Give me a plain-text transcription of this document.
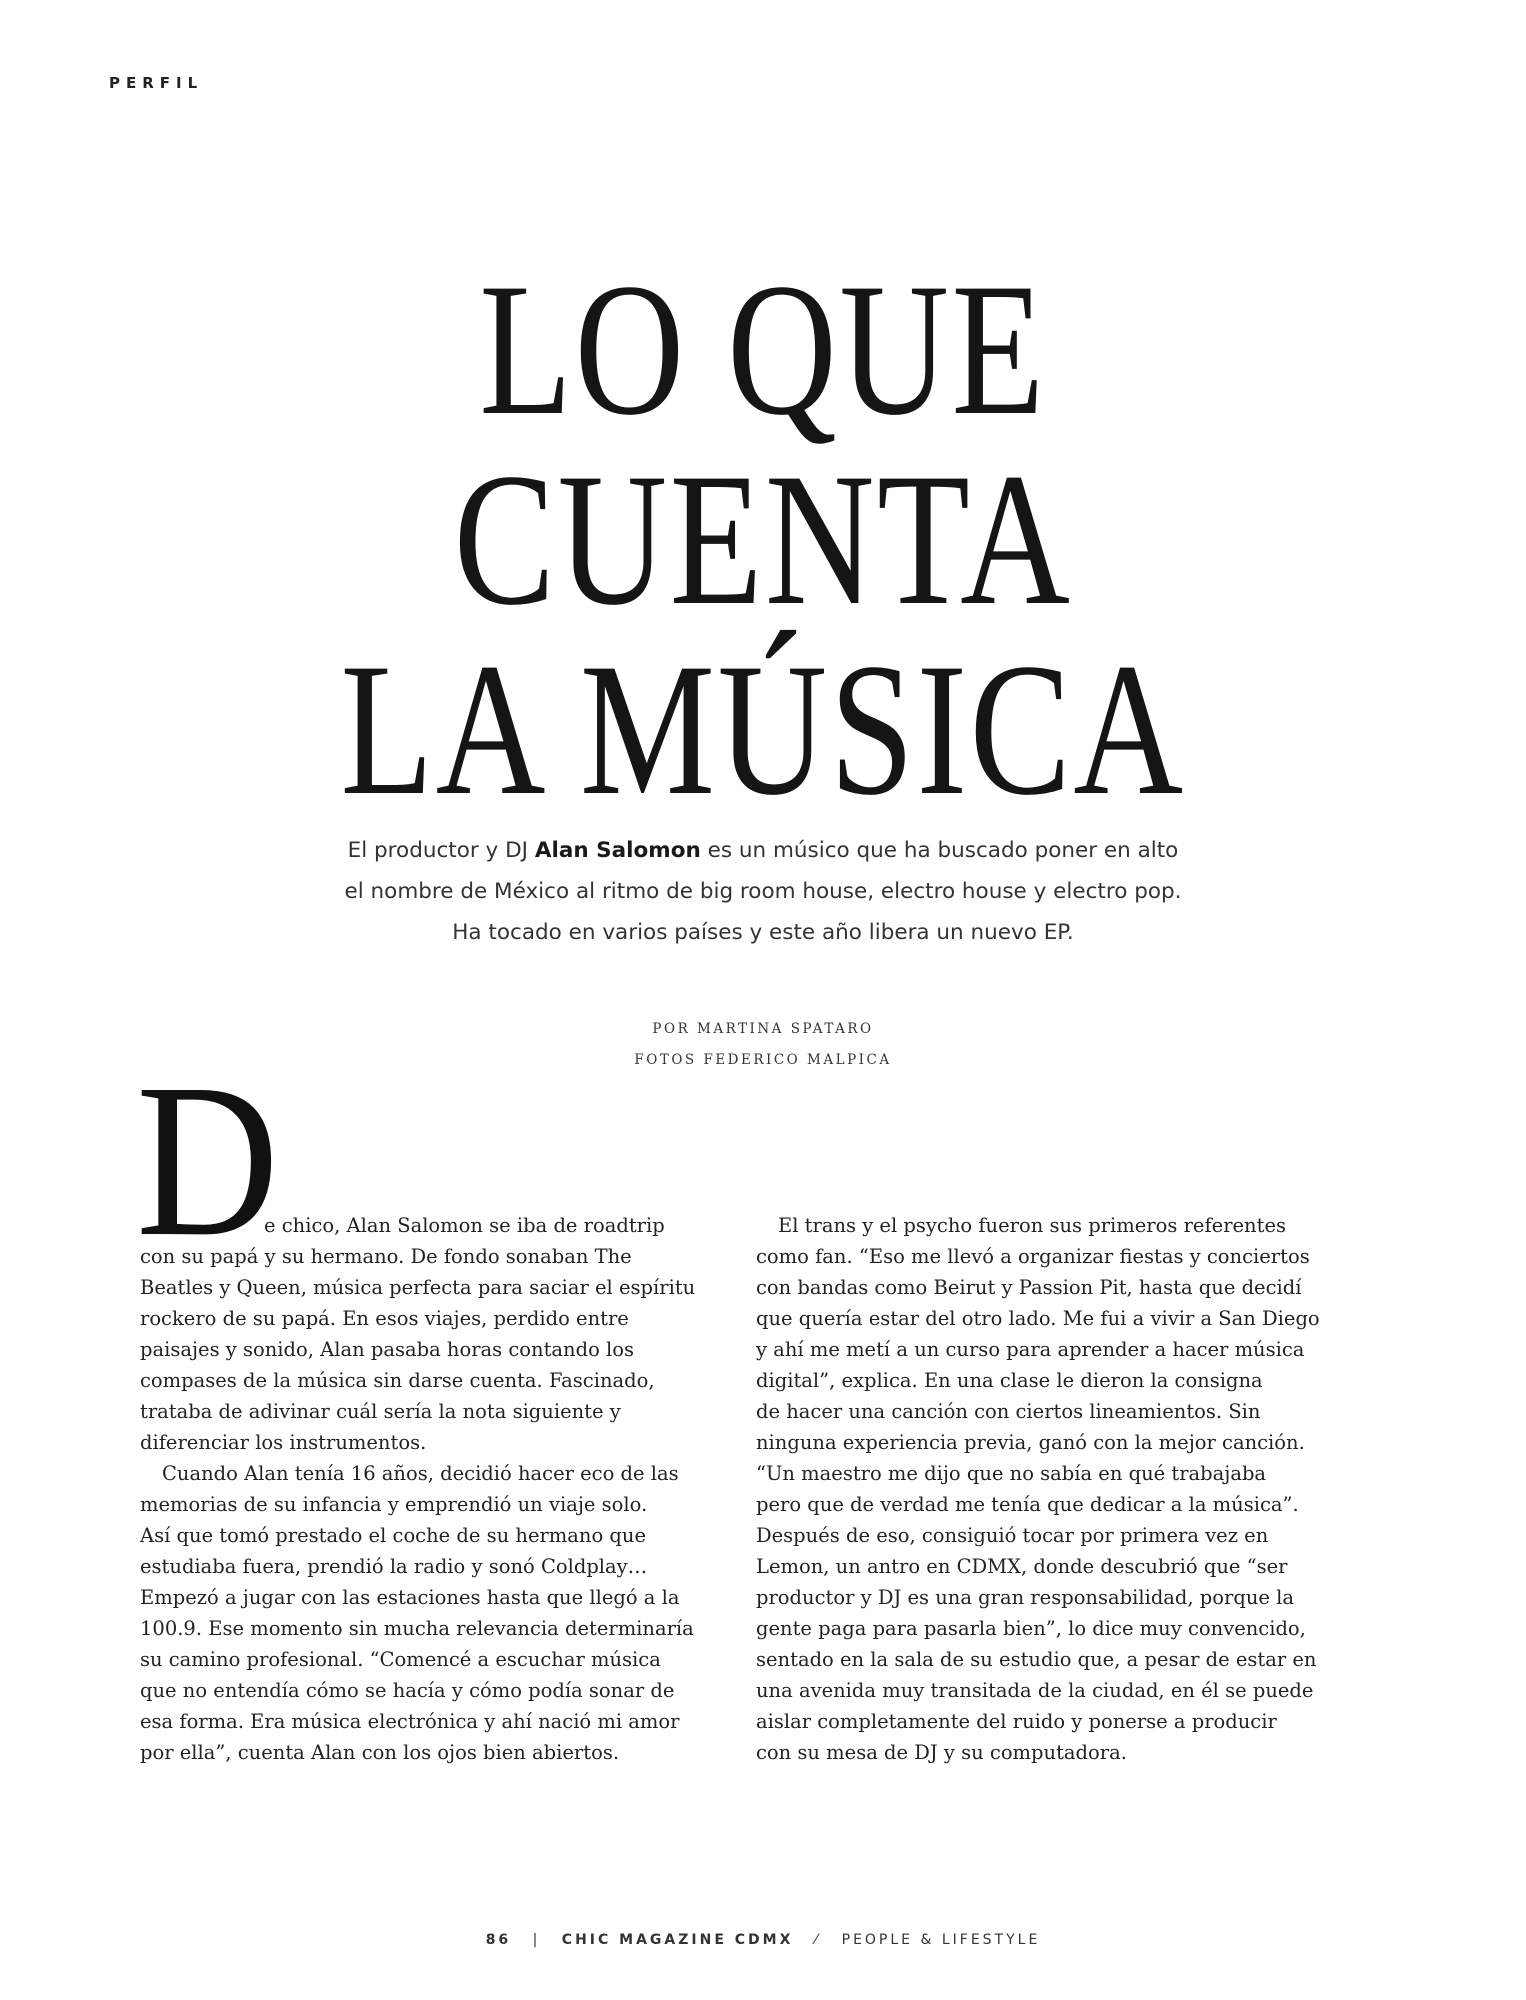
PERFIL
LO QUE
CUENTA
LA MÚSICA
El productor y DJ Alan Salomon es un músico que ha buscado poner en alto
el nombre de México al ritmo de big room house, electro house y electro pop.
Ha tocado en varios países y este año libera un nuevo EP.
POR MARTINA SPATARO
FOTOS FEDERICO MALPICA
D

e chico, Alan Salomon se iba de roadtrip

con su papá y su hermano. De fondo sonaban The
Beatles y Queen, música perfecta para saciar el espíritu
rockero de su papá. En esos viajes, perdido entre
paisajes y sonido, Alan pasaba horas contando los
compases de la música sin darse cuenta. Fascinado,
trataba de adivinar cuál sería la nota siguiente y
diferenciar los instrumentos.

Cuando Alan tenía 16 años, decidió hacer eco de las

memorias de su infancia y emprendió un viaje solo.
Así que tomó prestado el coche de su hermano que
estudiaba fuera, prendió la radio y sonó Coldplay…
Empezó a jugar con las estaciones hasta que llegó a la
100.9. Ese momento sin mucha relevancia determinaría
su camino profesional. “Comencé a escuchar música
que no entendía cómo se hacía y cómo podía sonar de
esa forma. Era música electrónica y ahí nació mi amor
por ella”, cuenta Alan con los ojos bien abiertos.

El trans y el psycho fueron sus primeros referentes

como fan. “Eso me llevó a organizar fiestas y conciertos
con bandas como Beirut y Passion Pit, hasta que decidí
que quería estar del otro lado. Me fui a vivir a San Diego
y ahí me metí a un curso para aprender a hacer música
digital”, explica. En una clase le dieron la consigna
de hacer una canción con ciertos lineamientos. Sin
ninguna experiencia previa, ganó con la mejor canción.
“Un maestro me dijo que no sabía en qué trabajaba
pero que de verdad me tenía que dedicar a la música”.
Después de eso, consiguió tocar por primera vez en
Lemon, un antro en CDMX, donde descubrió que “ser
productor y DJ es una gran responsabilidad, porque la
gente paga para pasarla bien”, lo dice muy convencido,
sentado en la sala de su estudio que, a pesar de estar en
una avenida muy transitada de la ciudad, en él se puede
aislar completamente del ruido y ponerse a producir
con su mesa de DJ y su computadora.

86 | CHIC MAGAZINE CDMX ⁄ PEOPLE & LIFESTYLE
